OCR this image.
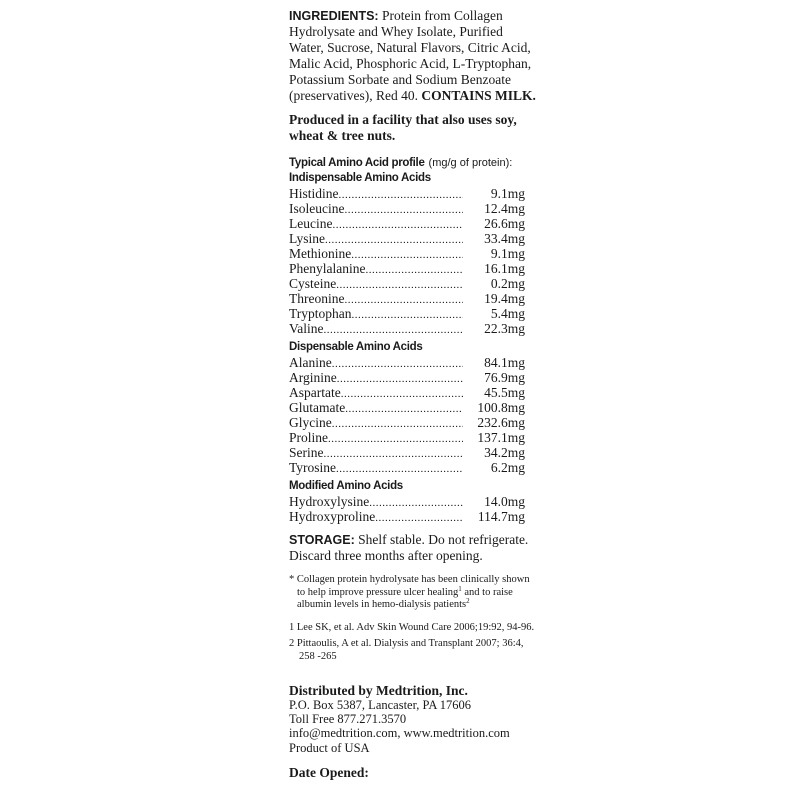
INGREDIENTS: Protein from Collagen Hydrolysate and Whey Isolate, Purified Water, Sucrose, Natural Flavors, Citric Acid, Malic Acid, Phosphoric Acid, L-Tryptophan, Potassium Sorbate and Sodium Benzoate (preservatives), Red 40. CONTAINS MILK.

Produced in a facility that also uses soy, wheat & tree nuts.

Typical Amino Acid profile (mg/g of protein):
Indispensable Amino Acids
Histidine .....	9.1mg
Isoleucine .....	12.4mg
Leucine .....	26.6mg
Lysine .....	33.4mg
Methionine .....	9.1mg
Phenylalanine .....	16.1mg
Cysteine .....	0.2mg
Threonine .....	19.4mg
Tryptophan .....	5.4mg
Valine .....	22.3mg
Dispensable Amino Acids
Alanine .....	84.1mg
Arginine .....	76.9mg
Aspartate .....	45.5mg
Glutamate .....	100.8mg
Glycine .....	232.6mg
Proline .....	137.1mg
Serine .....	34.2mg
Tyrosine .....	6.2mg
Modified Amino Acids
Hydroxylysine .....	14.0mg
Hydroxyproline .....	114.7mg

STORAGE: Shelf stable. Do not refrigerate. Discard three months after opening.

* Collagen protein hydrolysate has been clinically shown to help improve pressure ulcer healing$^1$ and to raise albumin levels in hemo-dialysis patients$^2$

1 Lee SK, et al. Adv Skin Wound Care 2006;19:92, 94-96.

2 Pittaoulis, A et al. Dialysis and Transplant 2007; 36:4, 258 -265

Distributed by Medtrition, Inc.

P.O. Box 5387, Lancaster, PA 17606

Toll Free 877.271.3570

info@medtrition.com, www.medtrition.com

Product of USA

Date Opened:
